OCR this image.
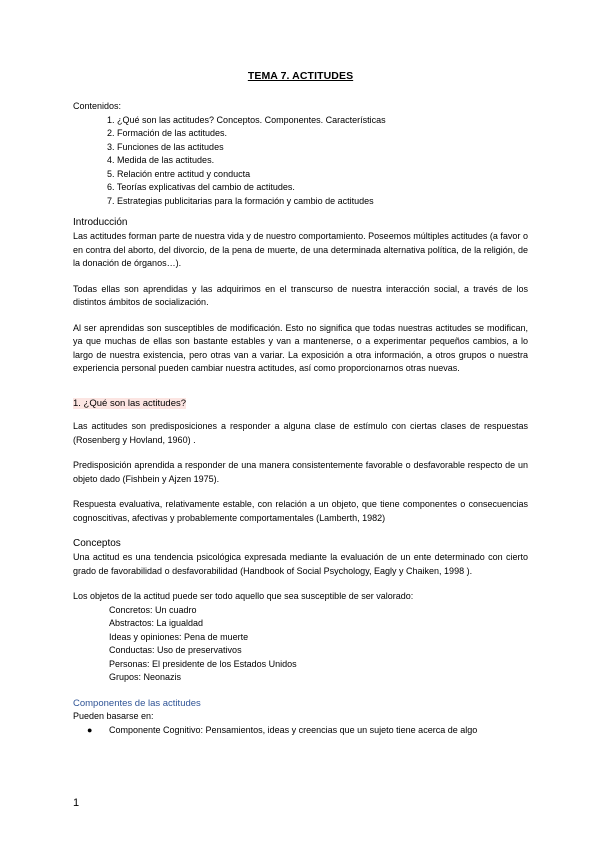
TEMA 7. ACTITUDES

Contenidos:

1. ¿Qué son las actitudes? Conceptos. Componentes. Características
2. Formación de las actitudes.
3. Funciones de las actitudes
4. Medida de las actitudes.
5. Relación entre actitud y conducta
6. Teorías explicativas del cambio de actitudes.
7. Estrategias publicitarias para la formación y cambio de actitudes

Introducción

Las actitudes forman parte de nuestra vida y de nuestro comportamiento. Poseemos múltiples actitudes (a favor o en contra del aborto, del divorcio, de la pena de muerte, de una determinada alternativa política, de la religión, de la donación de órganos…).

Todas ellas son aprendidas y las adquirimos en el transcurso de nuestra interacción social, a través de los distintos ámbitos de socialización.

Al ser aprendidas son susceptibles de modificación. Esto no significa que todas nuestras actitudes se modifican, ya que muchas de ellas son bastante estables y van a mantenerse, o a experimentar pequeños cambios, a lo largo de nuestra existencia, pero otras van a variar. La exposición a otra información, a otros grupos o nuestra experiencia personal pueden cambiar nuestra actitudes, así como proporcionarnos otras nuevas.

1. ¿Qué son las actitudes?

Las actitudes son predisposiciones a responder a alguna clase de estímulo con ciertas clases de respuestas (Rosenberg y Hovland, 1960) .

Predisposición aprendida a responder de una manera consistentemente favorable o desfavorable respecto de un objeto dado (Fishbein y Ajzen 1975).

Respuesta evaluativa, relativamente estable, con relación a un objeto, que tiene componentes o consecuencias cognoscitivas, afectivas y probablemente comportamentales (Lamberth, 1982)

Conceptos

Una actitud es una tendencia psicológica expresada mediante la evaluación de un ente determinado con cierto grado de favorabilidad o desfavorabilidad (Handbook of Social Psychology, Eagly y Chaiken, 1998 ).

Los objetos de la actitud puede ser todo aquello que sea susceptible de ser valorado:

Concretos: Un cuadro
Abstractos: La igualdad
Ideas y opiniones: Pena de muerte
Conductas: Uso de preservativos
Personas: El presidente de los Estados Unidos
Grupos: Neonazis

Componentes de las actitudes

Pueden basarse en:

● Componente Cognitivo: Pensamientos, ideas y creencias que un sujeto tiene acerca de algo
1
